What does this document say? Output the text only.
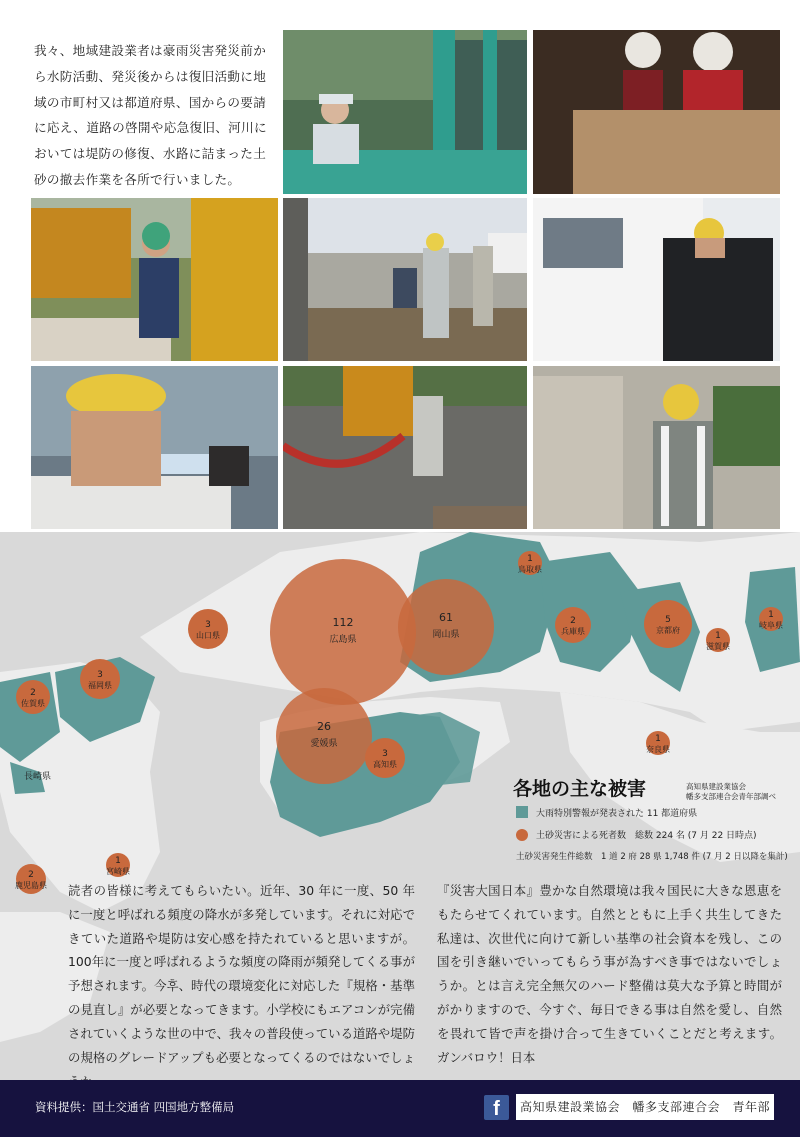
我々、地域建設業者は豪雨災害発災前か
ら水防活動、発災後からは復旧活動に地
域の市町村又は都道府県、国からの要請
に応え、道路の啓開や応急復旧、河川に
おいては堤防の修復、水路に詰まった土
砂の撤去作業を各所で行いました。
112
広島県
61
岡山県
26
愛媛県
3
高知県
3
山口県
3
福岡県
2
佐賀県
2
兵庫県
5
京都府
1
鳥取県
1
滋賀県
1
岐阜県
1
奈良県
1
宮崎県
2
鹿児島県
長崎県
各地の主な被害	高知県建設業協会
幡多支部連合会青年部調べ
大雨特別警報が発表された 11 都道府県
土砂災害による死者数　総数 224 名 (7 月 22 日時点)
土砂災害発生件総数　1 道 2 府 28 県 1,748 件 (7 月 2 日以降を集計)
読者の皆様に考えてもらいたい。近年、30 年に一度、50 年に一度と呼ばれる頻度の降水が多発しています。それに対応できていた道路や堤防は安心感を持たれていると思いますが。100年に一度と呼ばれるような頻度の降雨が頻発してくる事が予想されます。今후、時代の環境変化に対応した『規格・基準の見直し』が必要となってきます。小学校にもエアコンが完備されていくような世の中で、我々の普段使っている道路や堤防の規格のグレードアップも必要となってくるのではないでしょ
『災害大国日本』豊かな自然環境は我々国民に大きな恩恵をもたらせてくれています。自然とともに上手く共生してきた私達は、次世代に向けて新しい基準の社会資本を残し、この国を引き継いでいってもらう事が為すべき事ではないでしょうか。とは言え完全無欠のハード整備は莫大な予算と時間ががかりますので、今すぐ、毎日できる事は自然を愛し、自然を畏れて皆で声を掛け合って生きていくことだと考えます。ガンバロウ！日本
資料提供：国土交通省 四国地方整備局	f	高知県建設業協会　幡多支部連合会　青年部
